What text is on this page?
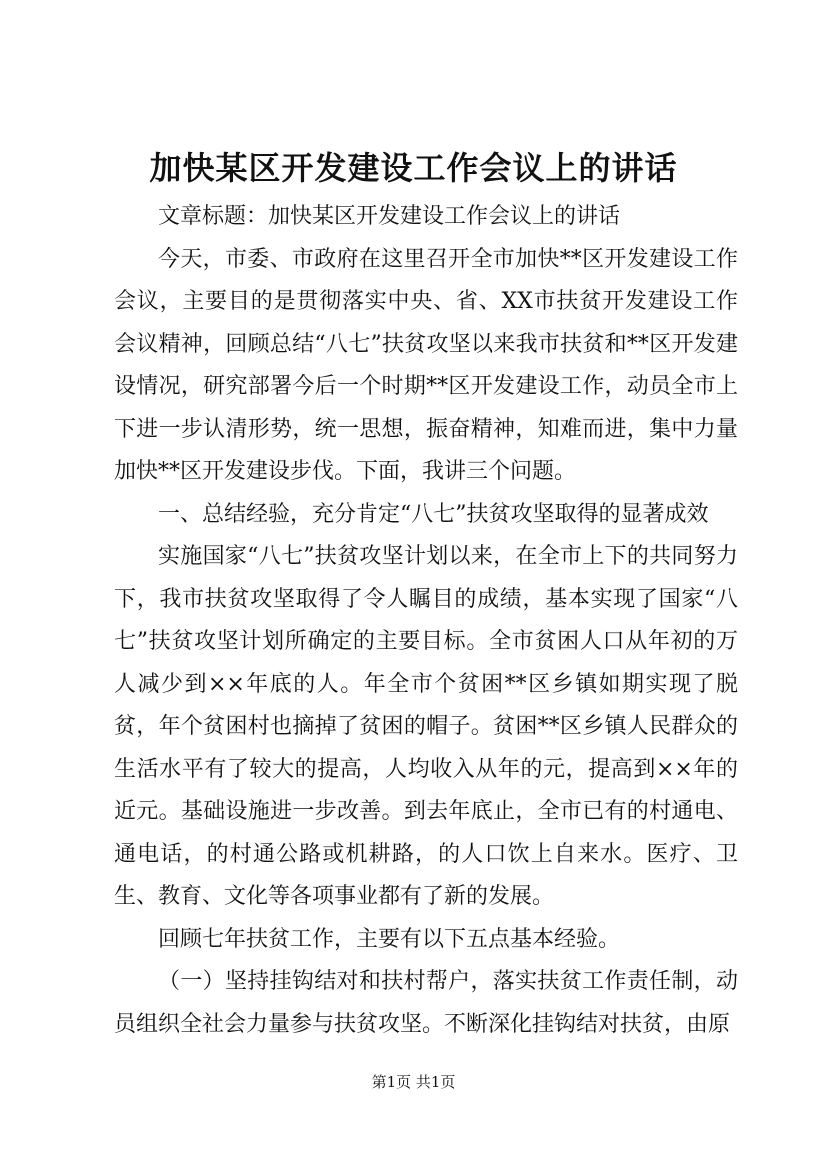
加快某区开发建设工作会议上的讲话

文章标题：加快某区开发建设工作会议上的讲话

今天，市委、市政府在这里召开全市加快**区开发建设工作会议，主要目的是贯彻落实中央、省、XX市扶贫开发建设工作会议精神，回顾总结“八七”扶贫攻坚以来我市扶贫和**区开发建设情况，研究部署今后一个时期**区开发建设工作，动员全市上下进一步认清形势，统一思想，振奋精神，知难而进，集中力量加快**区开发建设步伐。下面，我讲三个问题。

一、总结经验，充分肯定“八七”扶贫攻坚取得的显著成效

实施国家“八七”扶贫攻坚计划以来，在全市上下的共同努力下，我市扶贫攻坚取得了令人瞩目的成绩，基本实现了国家“八七”扶贫攻坚计划所确定的主要目标。全市贫困人口从年初的万人减少到××年底的人。年全市个贫困**区乡镇如期实现了脱贫，年个贫困村也摘掉了贫困的帽子。贫困**区乡镇人民群众的生活水平有了较大的提高，人均收入从年的元，提高到××年的近元。基础设施进一步改善。到去年底止，全市已有的村通电、通电话，的村通公路或机耕路，的人口饮上自来水。医疗、卫生、教育、文化等各项事业都有了新的发展。

回顾七年扶贫工作，主要有以下五点基本经验。

（一）坚持挂钩结对和扶村帮户，落实扶贫工作责任制，动员组织全社会力量参与扶贫攻坚。不断深化挂钩结对扶贫，由原

第1页 共1页
